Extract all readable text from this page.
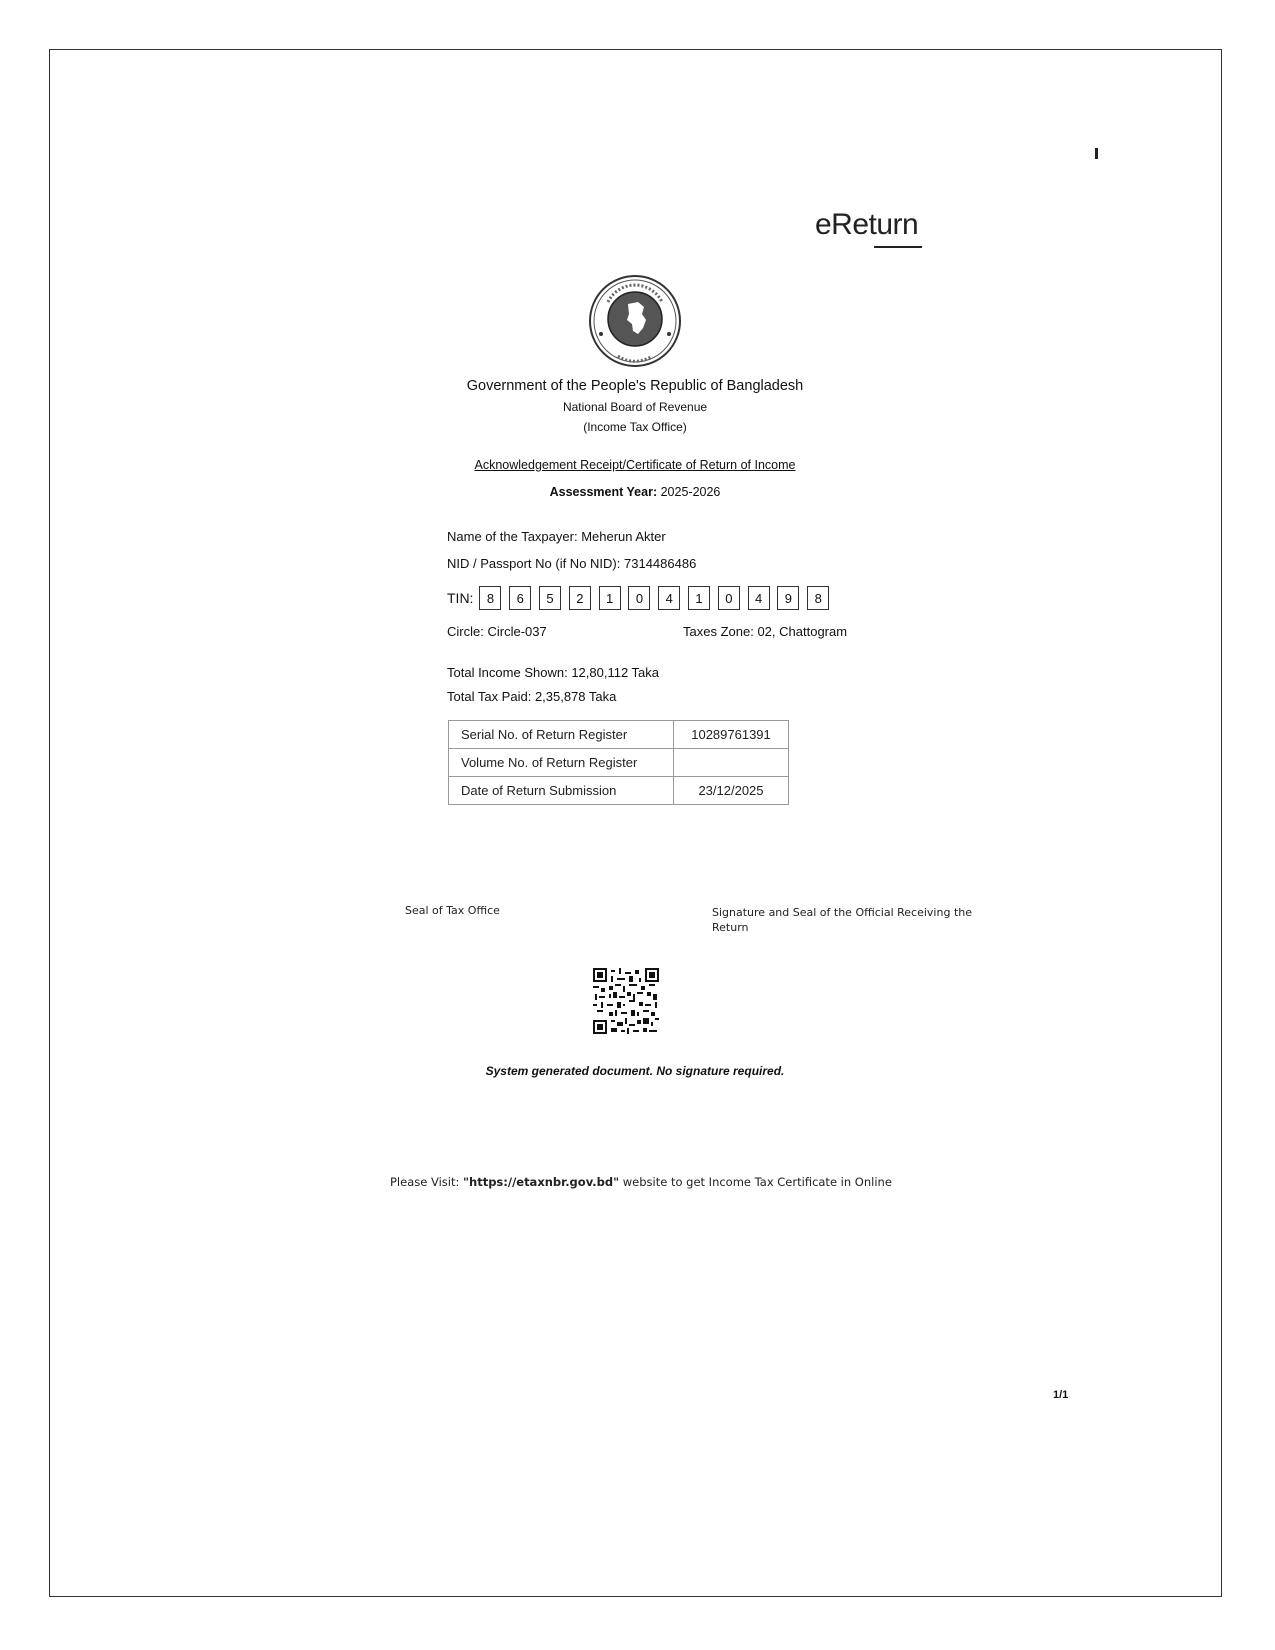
eReturn
Government of the People's Republic of Bangladesh
National Board of Revenue
(Income Tax Office)
Acknowledgement Receipt/Certificate of Return of Income
Assessment Year: 2025-2026
Name of the Taxpayer: Meherun Akter
NID / Passport No (if No NID): 7314486486
TIN:	8	6	5	2	1	0	4	1	0	4	9	8
Circle: Circle-037	Taxes Zone: 02, Chattogram
Total Income Shown: 12,80,112 Taka
Total Tax Paid: 2,35,878 Taka
Serial No. of Return Register	10289761391
Volume No. of Return Register	
Date of Return Submission	23/12/2025
Seal of Tax Office	Signature and Seal of the Official Receiving the Return
System generated document. No signature required.
Please Visit: "https://etaxnbr.gov.bd" website to get Income Tax Certificate in Online
1/1
